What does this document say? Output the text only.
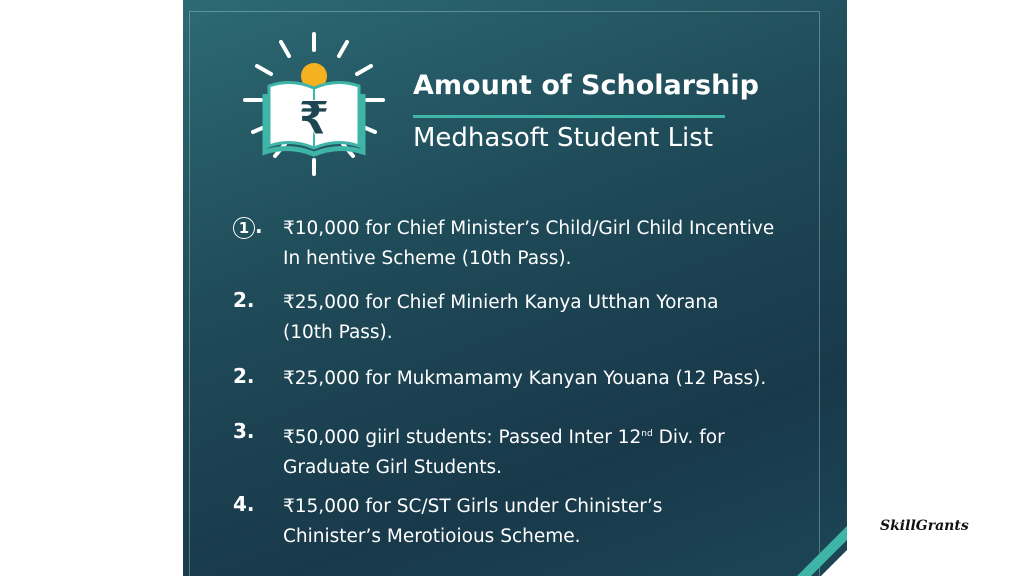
₹
Amount of Scholarship
Medhasoft Student List
1 . ₹10,000 for Chief Minister’s Child/Girl Child Incentive
In hentive Scheme (10th Pass).
2. ₹25,000 for Chief Minierh Kanya Utthan Yorana
(10th Pass).
2. ₹25,000 for Mukmamamy Kanyan Youana (12 Pass).
3. ₹50,000 giirl students: Passed Inter 12nd Div. for
Graduate Girl Students.
4. ₹15,000 for SC/ST Girls under Chinister’s
Chinister’s Merotioious Scheme.	SkillGrants
